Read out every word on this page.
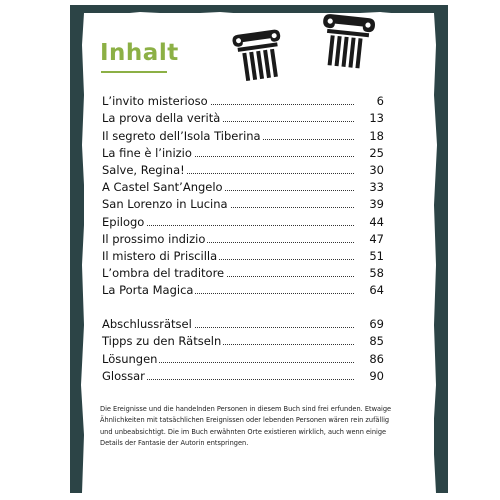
Inhalt
L’invito misterioso	6
La prova della verità	13
Il segreto dell’Isola Tiberina	18
La fine è l’inizio	25
Salve, Regina!	30
A Castel Sant’Angelo	33
San Lorenzo in Lucina	39
Epilogo	44
Il prossimo indizio	47
Il mistero di Priscilla	51
L’ombra del traditore	58
La Porta Magica	64
Abschlussrätsel	69
Tipps zu den Rätseln	85
Lösungen	86
Glossar	90
Die Ereignisse und die handelnden Personen in diesem Buch sind frei erfunden. Etwaige Ähnlichkeiten mit tatsächlichen Ereignissen oder lebenden Personen wären rein zufällig und unbeabsichtigt. Die im Buch erwähnten Orte existieren wirklich, auch wenn einige Details der Fantasie der Autorin entspringen.
